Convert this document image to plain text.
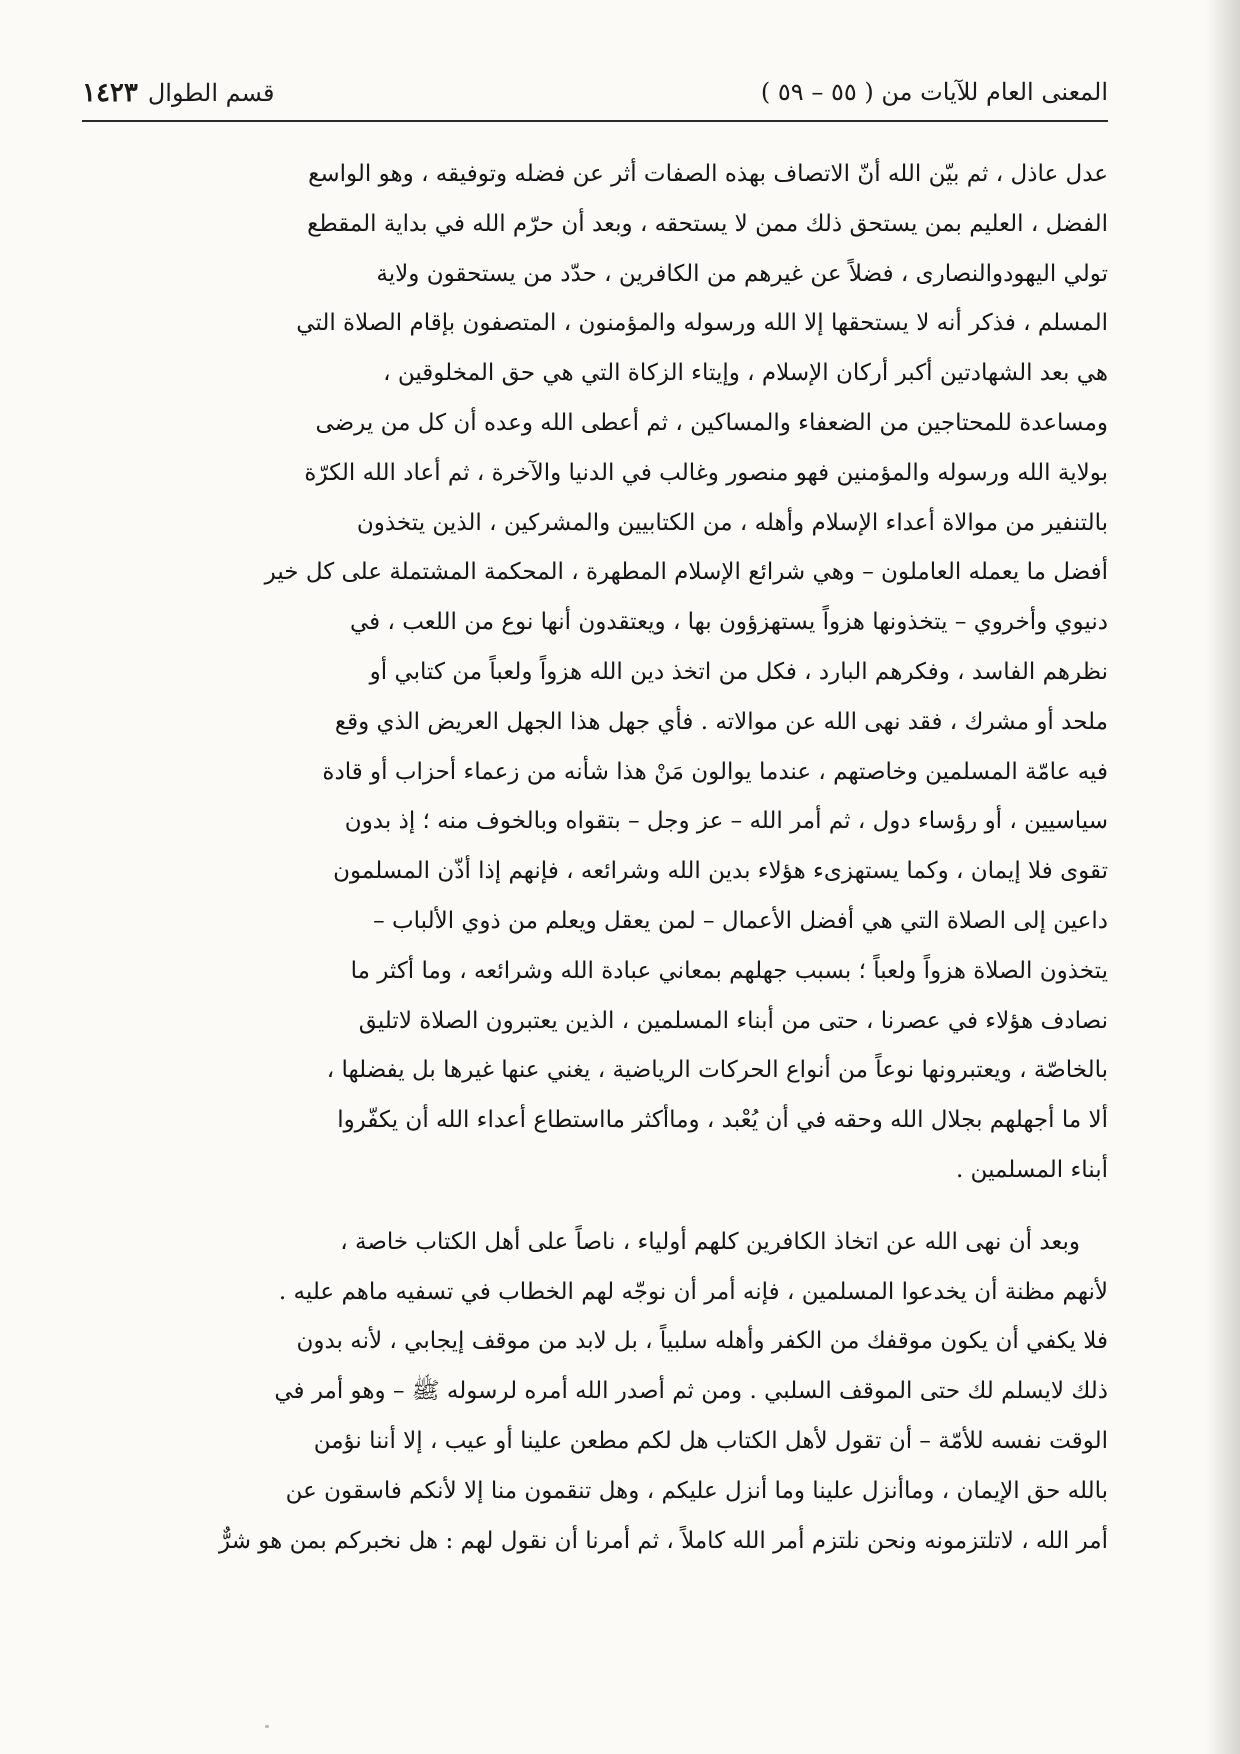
المعنى العام للآيات من ( ٥٥ – ٥٩ )
قسم الطوال١٤٢٣
عدل عاذل ، ثم بيّن الله أنّ الاتصاف بهذه الصفات أثر عن فضله وتوفيقه ، وهو الواسع
الفضل ، العليم بمن يستحق ذلك ممن لا يستحقه ، وبعد أن حرّم الله في بداية المقطع
تولي اليهودوالنصارى ، فضلاً عن غيرهم من الكافرين ، حدّد من يستحقون ولاية
المسلم ، فذكر أنه لا يستحقها إلا الله ورسوله والمؤمنون ، المتصفون بإقام الصلاة التي
هي بعد الشهادتين أكبر أركان الإسلام ، وإيتاء الزكاة التي هي حق المخلوقين ،
ومساعدة للمحتاجين من الضعفاء والمساكين ، ثم أعطى الله وعده أن كل من يرضى
بولاية الله ورسوله والمؤمنين فهو منصور وغالب في الدنيا والآخرة ، ثم أعاد الله الكرّة
بالتنفير من موالاة أعداء الإسلام وأهله ، من الكتابيين والمشركين ، الذين يتخذون
أفضل ما يعمله العاملون – وهي شرائع الإسلام المطهرة ، المحكمة المشتملة على كل خير
دنيوي وأخروي – يتخذونها هزواً يستهزؤون بها ، ويعتقدون أنها نوع من اللعب ، في
نظرهم الفاسد ، وفكرهم البارد ، فكل من اتخذ دين الله هزواً ولعباً من كتابي أو
ملحد أو مشرك ، فقد نهى الله عن موالاته . فأي جهل هذا الجهل العريض الذي وقع
فيه عامّة المسلمين وخاصتهم ، عندما يوالون مَنْ هذا شأنه من زعماء أحزاب أو قادة
سياسيين ، أو رؤساء دول ، ثم أمر الله – عز وجل – بتقواه وبالخوف منه ؛ إذ بدون
تقوى فلا إيمان ، وكما يستهزىء هؤلاء بدين الله وشرائعه ، فإنهم إذا أذّن المسلمون
داعين إلى الصلاة التي هي أفضل الأعمال – لمن يعقل ويعلم من ذوي الألباب –
يتخذون الصلاة هزواً ولعباً ؛ بسبب جهلهم بمعاني عبادة الله وشرائعه ، وما أكثر ما
نصادف هؤلاء في عصرنا ، حتى من أبناء المسلمين ، الذين يعتبرون الصلاة لاتليق
بالخاصّة ، ويعتبرونها نوعاً من أنواع الحركات الرياضية ، يغني عنها غيرها بل يفضلها ،
ألا ما أجهلهم بجلال الله وحقه في أن يُعْبد ، وماأكثر مااستطاع أعداء الله أن يكفّروا
أبناء المسلمين .
وبعد أن نهى الله عن اتخاذ الكافرين كلهم أولياء ، ناصاً على أهل الكتاب خاصة ،
لأنهم مظنة أن يخدعوا المسلمين ، فإنه أمر أن نوجّه لهم الخطاب في تسفيه ماهم عليه .
فلا يكفي أن يكون موقفك من الكفر وأهله سلبياً ، بل لابد من موقف إيجابي ، لأنه بدون
ذلك لايسلم لك حتى الموقف السلبي . ومن ثم أصدر الله أمره لرسوله ﷺ – وهو أمر في
الوقت نفسه للأمّة – أن تقول لأهل الكتاب هل لكم مطعن علينا أو عيب ، إلا أننا نؤمن
بالله حق الإيمان ، وماأنزل علينا وما أنزل عليكم ، وهل تنقمون منا إلا لأنكم فاسقون عن
أمر الله ، لاتلتزمونه ونحن نلتزم أمر الله كاملاً ، ثم أمرنا أن نقول لهم : هل نخبركم بمن هو شرٌّ
